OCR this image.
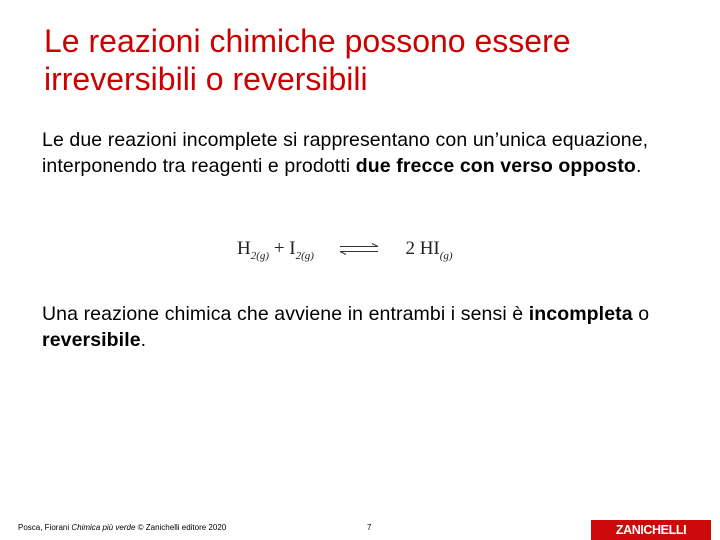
Le reazioni chimiche possono essere irreversibili o reversibili
Le due reazioni incomplete si rappresentano con un’unica equazione, interponendo tra reagenti e prodotti due frecce con verso opposto.
$H_{2(g)} + I_{2(g)}$ ⇌ 2 $HI_{(g)}$
Una reazione chimica che avviene in entrambi i sensi è incompleta o reversibile.
Posca, Fiorani Chimica più verde © Zanichelli editore 2020	7	ZANICHELLI
